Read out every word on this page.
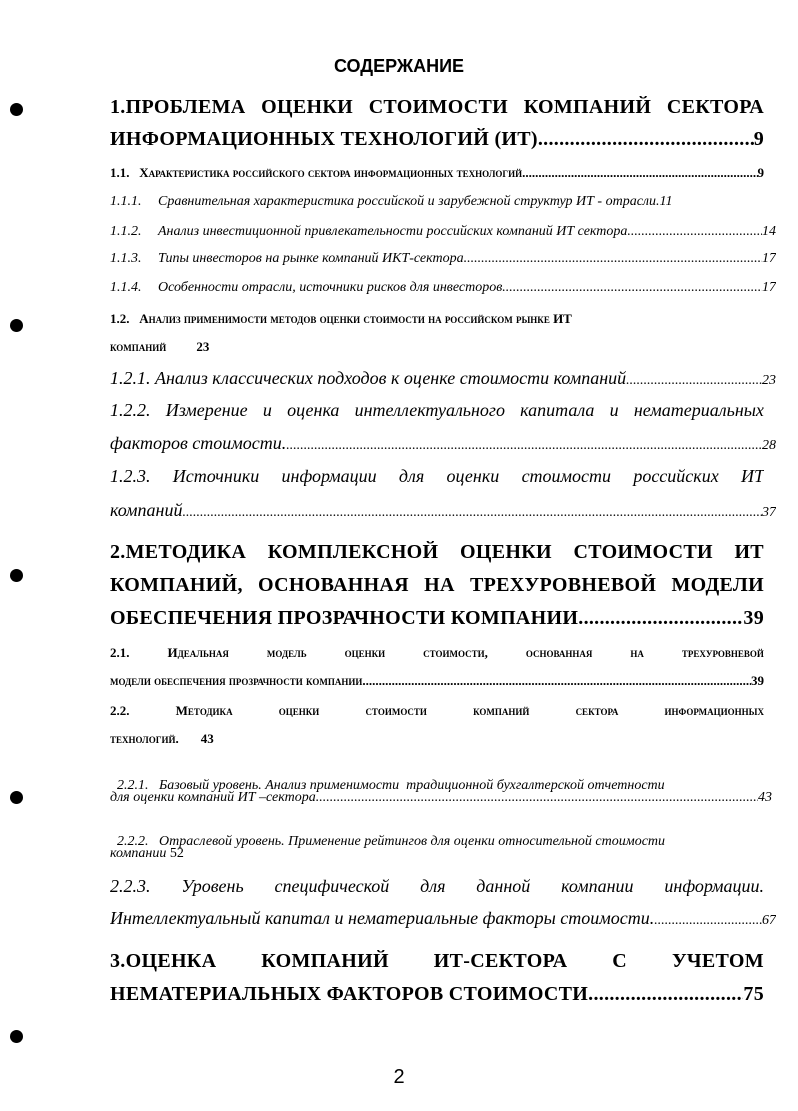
СОДЕРЖАНИЕ
1.ПРОБЛЕМА ОЦЕНКИ СТОИМОСТИ КОМПАНИЙ СЕКТОРА
ИНФОРМАЦИОННЫХ ТЕХНОЛОГИЙ (ИТ). .....	9
1.1. Характеристика российского сектора информационных технологий .....	9
1.1.1. Сравнительная характеристика российской и зарубежной структур ИТ - отрасли.11
1.1.2. Анализ инвестиционной привлекательности российских компаний ИТ сектора. .....	14
1.1.3. Типы инвесторов на рынке компаний ИКТ-сектора .....	17
1.1.4. Особенности отрасли, источники рисков для инвесторов .....	17
1.2. Анализ применимости методов оценки стоимости на российском рынке ИТ
компаний 23
1.2.1.
Анализ классических подходов к оценке стоимости компаний .....	23
1.2.2. Измерение и оценка интеллектуального капитала и нематериальных
факторов стоимости. .....	28
1.2.3. Источники информации для оценки стоимости российских ИТ
компаний .....	37
2.МЕТОДИКА КОМПЛЕКСНОЙ ОЦЕНКИ СТОИМОСТИ ИТ
КОМПАНИЙ, ОСНОВАННАЯ НА ТРЕХУРОВНЕВОЙ МОДЕЛИ
ОБЕСПЕЧЕНИЯ ПРОЗРАЧНОСТИ КОМПАНИИ. .....	39
2.1.	Идеальная	модель	оценки	стоимости,	основанная	на	трехуровневой
модели обеспечения прозрачности компании. .....	39
2.2.	Методика	оценки	стоимости	компаний	сектора	информационных
технологий. 43

2.2.1.   Базовый уровень. Анализ применимости  традиционной бухгалтерской отчетности

для оценки компаний ИТ –сектора .....	43

2.2.2.   Отраслевой уровень. Применение рейтингов для оценки относительной стоимости

компании 52
2.2.3. Уровень специфической для данной компании информации.
Интеллектуальный капитал и нематериальные факторы стоимости. .....	67
3.ОЦЕНКА КОМПАНИЙ ИТ-СЕКТОРА С УЧЕТОМ
НЕМАТЕРИАЛЬНЫХ ФАКТОРОВ СТОИМОСТИ .....	75
2
